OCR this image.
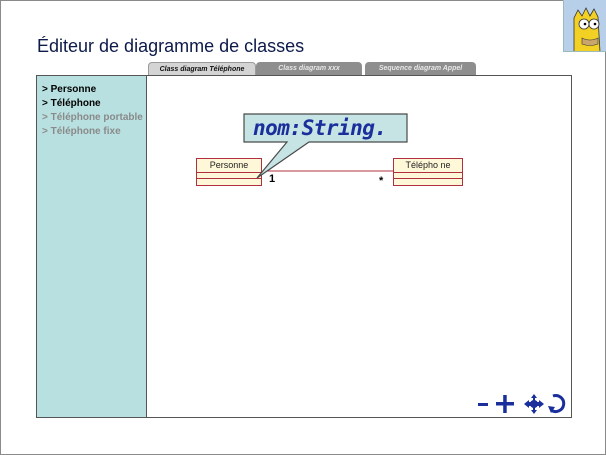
Éditeur de diagramme de classes
Class diagram Téléphone	Class diagram xxx	Sequence diagram Appel
> Personne
> Téléphone
> Téléphone portable
> Téléphone fixe
Personne	Télépho ne
1	*
nom:String.
